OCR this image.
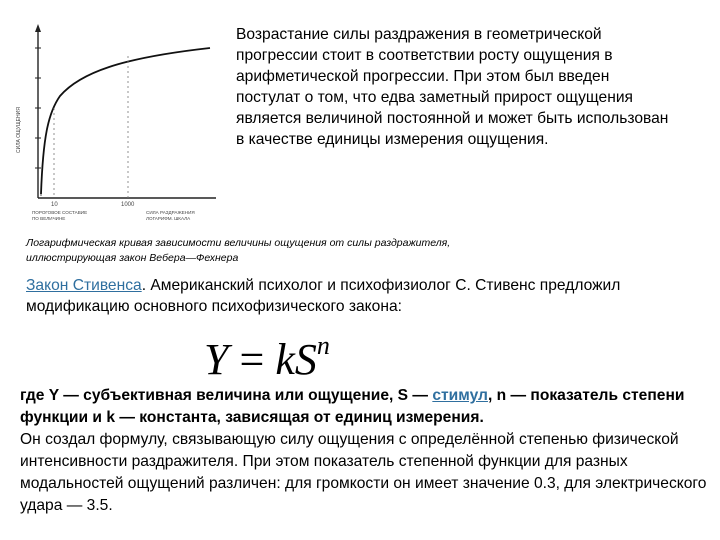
10	1000
ПОРОГОВОЕ СОСТАВИЕ ПО ВЕЛИЧИНЕ
СИЛА РАЗДРАЖЕНИЯ ЛОГАРИФМ. ШКАЛА
СИЛА ОЩУЩЕНИЯ
Возрастание силы раздражения в геометрической прогрессии стоит в соответствии росту ощущения в арифметической прогрессии. При этом был введен постулат о том, что едва заметный прирост ощущения является величиной постоянной и может быть использован в качестве единицы измерения ощущения.
Логарифмическая кривая зависимости величины ощущения от силы раздражителя,
иллюстрирующая закон Вебера—Фехнера
Закон Стивенса. Американский психолог и психофизиолог С. Стивенс предложил модификацию основного психофизического закона:
$Y = kS^n$
где Y — субъективная величина или ощущение, S — стимул, n — показатель степени функции и k — константа, зависящая от единиц измерения.
Он создал формулу, связывающую силу ощущения с определённой степенью физической интенсивности раздражителя. При этом показатель степенной функции для разных модальностей ощущений различен: для громкости он имеет значение 0.3, для электрического удара — 3.5.
